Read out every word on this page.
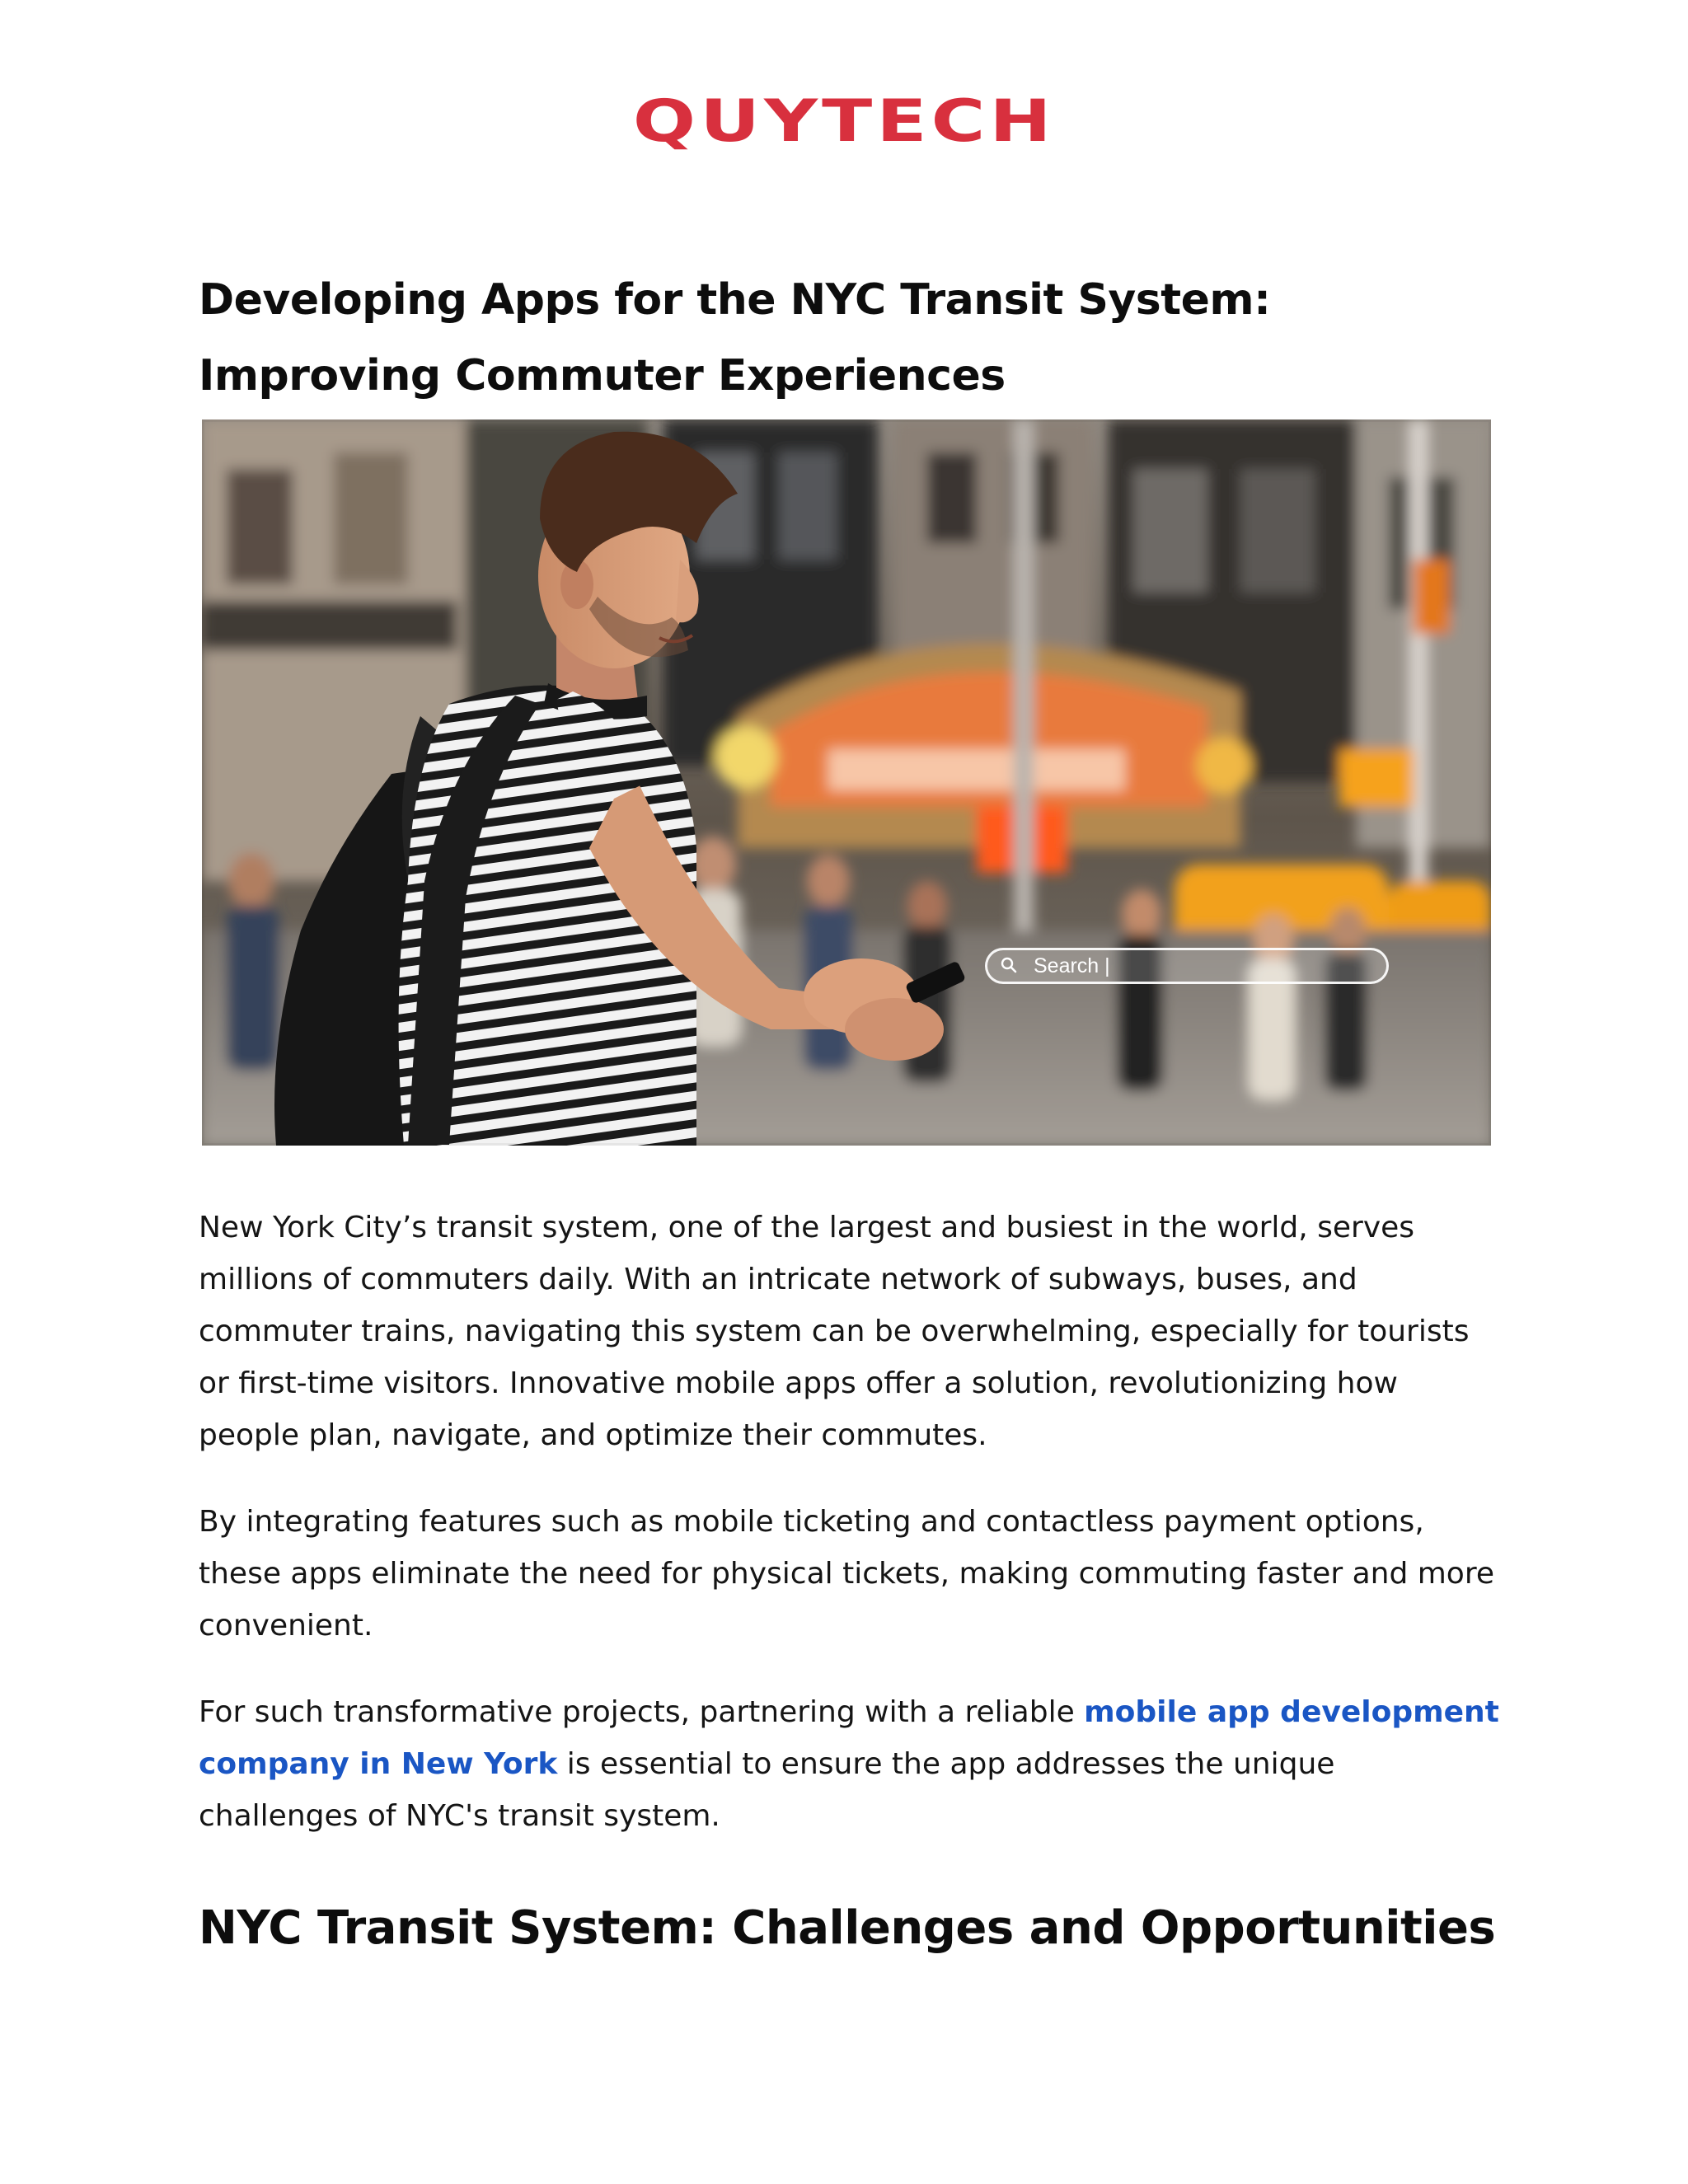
QUYTECH
Developing Apps for the NYC Transit System: Improving Commuter Experiences
Search |

New York City’s transit system, one of the largest and busiest in the world, serves millions of commuters daily. With an intricate network of subways, buses, and commuter trains, navigating this system can be overwhelming, especially for tourists or first-time visitors. Innovative mobile apps offer a solution, revolutionizing how people plan, navigate, and optimize their commutes.

By integrating features such as mobile ticketing and contactless payment options, these apps eliminate the need for physical tickets, making commuting faster and more convenient.

For such transformative projects, partnering with a reliable mobile app development company in New York is essential to ensure the app addresses the unique challenges of NYC's transit system.

NYC Transit System: Challenges and Opportunities
